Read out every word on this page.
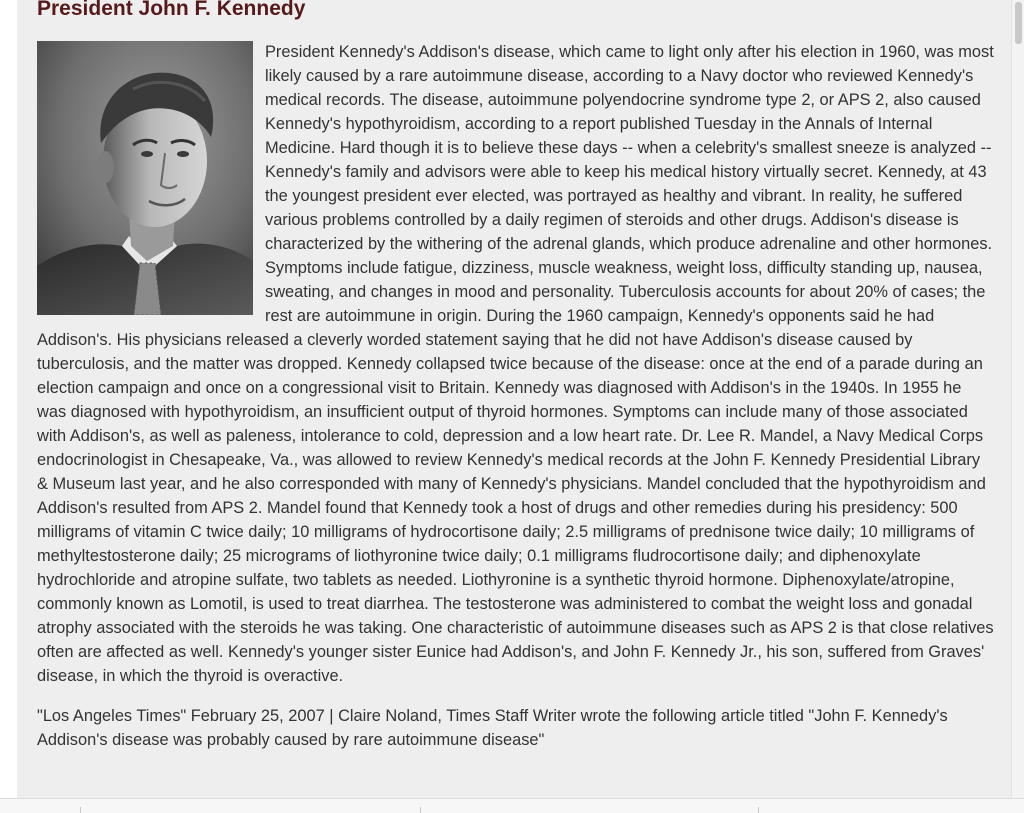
President John F. Kennedy

President Kennedy's Addison's disease, which came to light only after his election in 1960, was most likely caused by a rare autoimmune disease, according to a Navy doctor who reviewed Kennedy's medical records. The disease, autoimmune polyendocrine syndrome type 2, or APS 2, also caused Kennedy's hypothyroidism, according to a report published Tuesday in the Annals of Internal Medicine. Hard though it is to believe these days -- when a celebrity's smallest sneeze is analyzed -- Kennedy's family and advisors were able to keep his medical history virtually secret. Kennedy, at 43 the youngest president ever elected, was portrayed as healthy and vibrant. In reality, he suffered various problems controlled by a daily regimen of steroids and other drugs. Addison's disease is characterized by the withering of the adrenal glands, which produce adrenaline and other hormones. Symptoms include fatigue, dizziness, muscle weakness, weight loss, difficulty standing up, nausea, sweating, and changes in mood and personality. Tuberculosis accounts for about 20% of cases; the rest are autoimmune in origin. During the 1960 campaign, Kennedy's opponents said he had Addison's. His physicians released a cleverly worded statement saying that he did not have Addison's disease caused by tuberculosis, and the matter was dropped. Kennedy collapsed twice because of the disease: once at the end of a parade during an election campaign and once on a congressional visit to Britain. Kennedy was diagnosed with Addison's in the 1940s. In 1955 he was diagnosed with hypothyroidism, an insufficient output of thyroid hormones. Symptoms can include many of those associated with Addison's, as well as paleness, intolerance to cold, depression and a low heart rate. Dr. Lee R. Mandel, a Navy Medical Corps endocrinologist in Chesapeake, Va., was allowed to review Kennedy's medical records at the John F. Kennedy Presidential Library & Museum last year, and he also corresponded with many of Kennedy's physicians. Mandel concluded that the hypothyroidism and Addison's resulted from APS 2. Mandel found that Kennedy took a host of drugs and other remedies during his presidency: 500 milligrams of vitamin C twice daily; 10 milligrams of hydrocortisone daily; 2.5 milligrams of prednisone twice daily; 10 milligrams of methyltestosterone daily; 25 micrograms of liothyronine twice daily; 0.1 milligrams fludrocortisone daily; and diphenoxylate hydrochloride and atropine sulfate, two tablets as needed. Liothyronine is a synthetic thyroid hormone. Diphenoxylate/atropine, commonly known as Lomotil, is used to treat diarrhea. The testosterone was administered to combat the weight loss and gonadal atrophy associated with the steroids he was taking. One characteristic of autoimmune diseases such as APS 2 is that close relatives often are affected as well. Kennedy's younger sister Eunice had Addison's, and John F. Kennedy Jr., his son, suffered from Graves' disease, in which the thyroid is overactive.

"Los Angeles Times" February 25, 2007 | Claire Noland, Times Staff Writer wrote the following article titled "John F. Kennedy's Addison's disease was probably caused by rare autoimmune disease"
